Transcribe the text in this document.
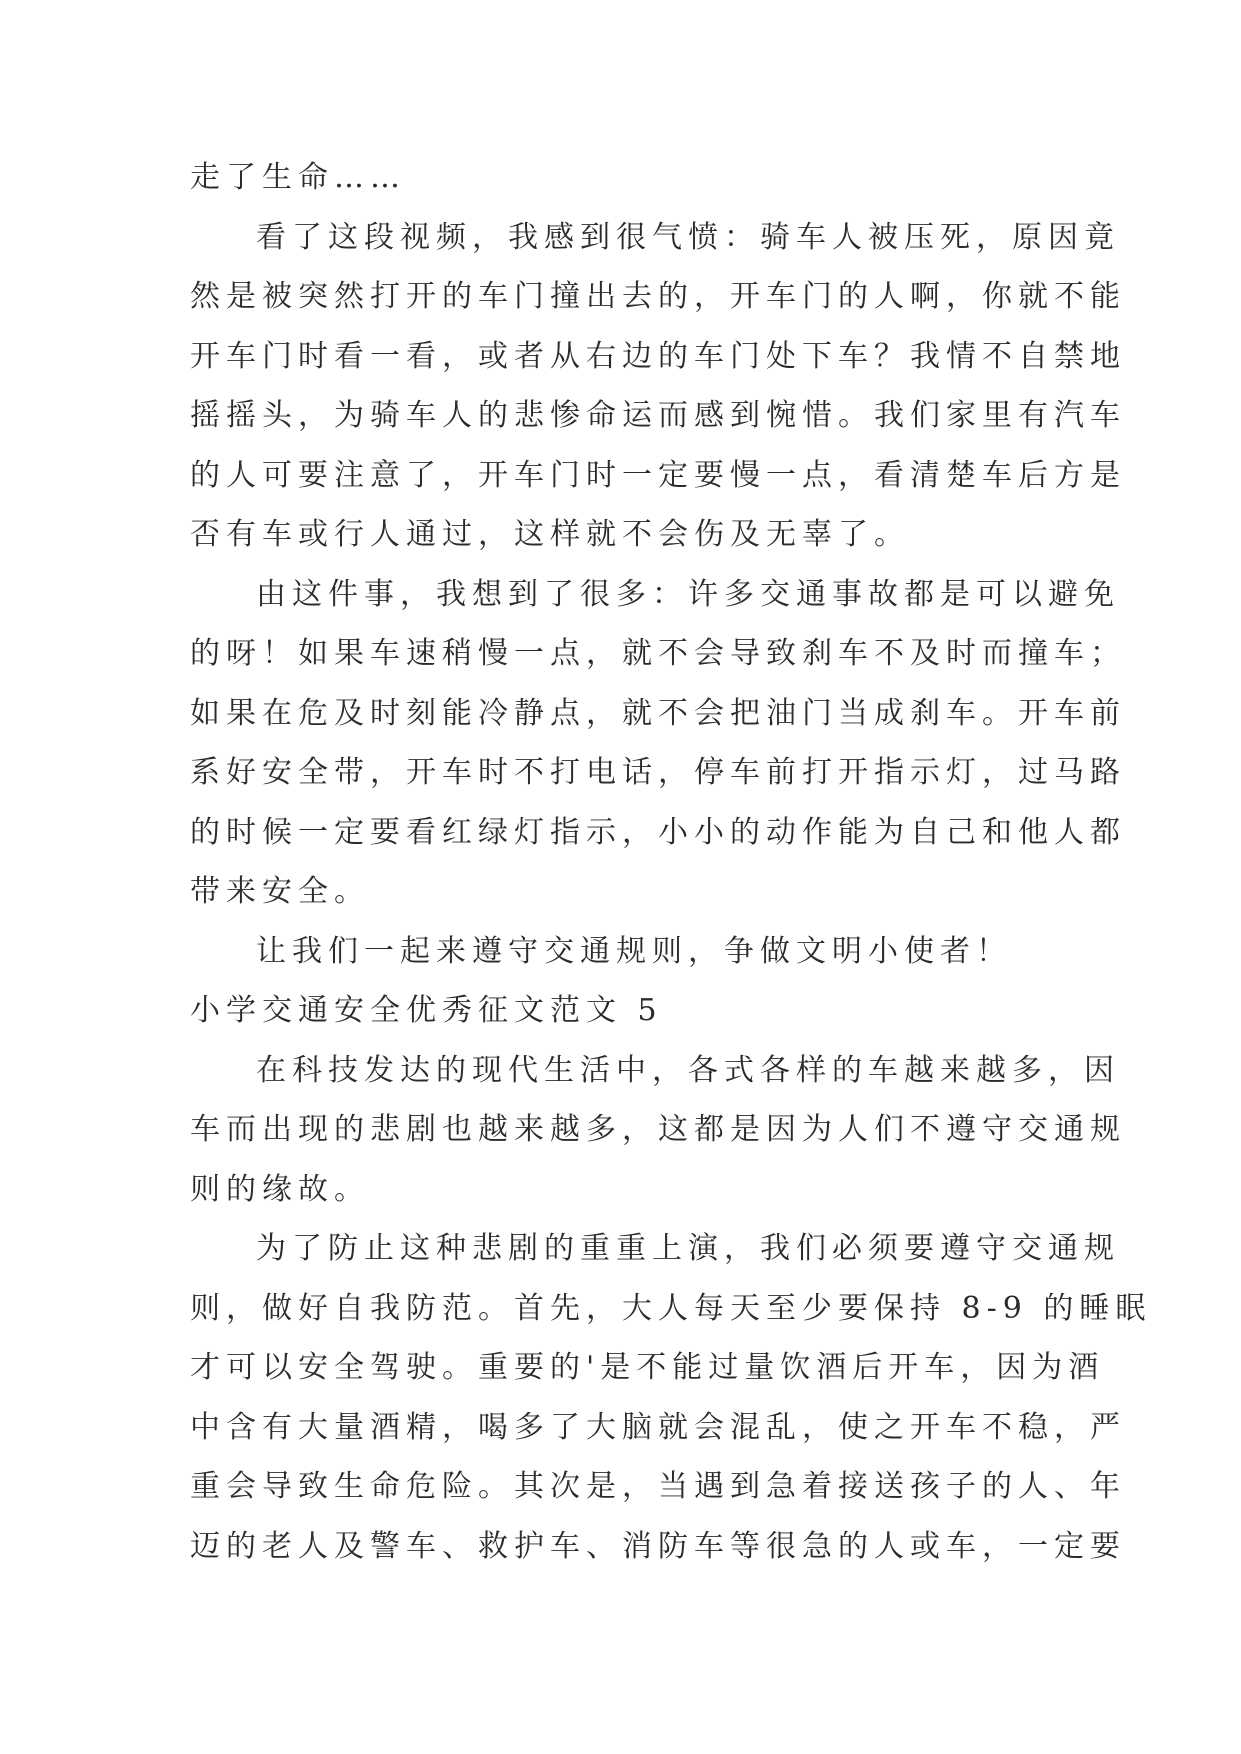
走了生命……
看了这段视频，我感到很气愤：骑车人被压死，原因竟
然是被突然打开的车门撞出去的，开车门的人啊，你就不能
开车门时看一看，或者从右边的车门处下车？我情不自禁地
摇摇头，为骑车人的悲惨命运而感到惋惜。我们家里有汽车
的人可要注意了，开车门时一定要慢一点，看清楚车后方是
否有车或行人通过，这样就不会伤及无辜了。
由这件事，我想到了很多：许多交通事故都是可以避免
的呀！如果车速稍慢一点，就不会导致刹车不及时而撞车；
如果在危及时刻能冷静点，就不会把油门当成刹车。开车前
系好安全带，开车时不打电话，停车前打开指示灯，过马路
的时候一定要看红绿灯指示，小小的动作能为自己和他人都
带来安全。
让我们一起来遵守交通规则，争做文明小使者！
小学交通安全优秀征文范文 5
在科技发达的现代生活中，各式各样的车越来越多，因
车而出现的悲剧也越来越多，这都是因为人们不遵守交通规
则的缘故。
为了防止这种悲剧的重重上演，我们必须要遵守交通规
则，做好自我防范。首先，大人每天至少要保持 8-9 的睡眠
才可以安全驾驶。重要的'是不能过量饮酒后开车，因为酒
中含有大量酒精，喝多了大脑就会混乱，使之开车不稳，严
重会导致生命危险。其次是，当遇到急着接送孩子的人、年
迈的老人及警车、救护车、消防车等很急的人或车，一定要
